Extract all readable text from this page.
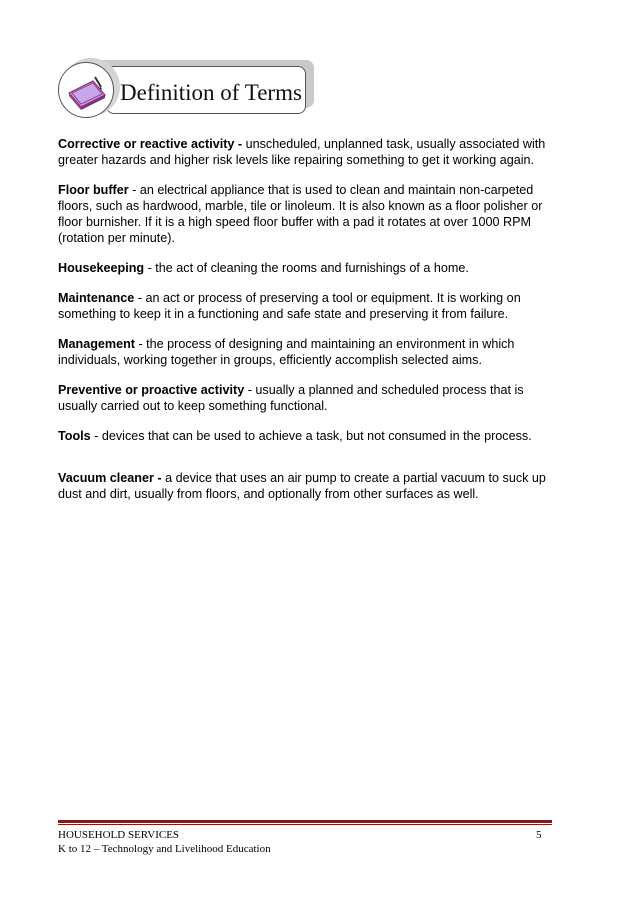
Definition of Terms

Corrective or reactive activity - unscheduled, unplanned task, usually associated with greater hazards and higher risk levels like repairing something to get it working again.

Floor buffer - an electrical appliance that is used to clean and maintain non-carpeted floors, such as hardwood, marble, tile or linoleum. It is also known as a floor polisher or floor burnisher. If it is a high speed floor buffer with a pad it rotates at over 1000 RPM (rotation per minute).

Housekeeping - the act of cleaning the rooms and furnishings of a home.

Maintenance - an act or process of preserving a tool or equipment. It is working on something to keep it in a functioning and safe state and preserving it from failure.

Management - the process of designing and maintaining an environment in which individuals, working together in groups, efficiently accomplish selected aims.

Preventive or proactive activity - usually a planned and scheduled process that is usually carried out to keep something functional.

Tools - devices that can be used to achieve a task, but not consumed in the process.

Vacuum cleaner - a device that uses an air pump to create a partial vacuum to suck up dust and dirt, usually from floors, and optionally from other surfaces as well.

HOUSEHOLD SERVICES
K to 12 – Technology and Livelihood Education
5
